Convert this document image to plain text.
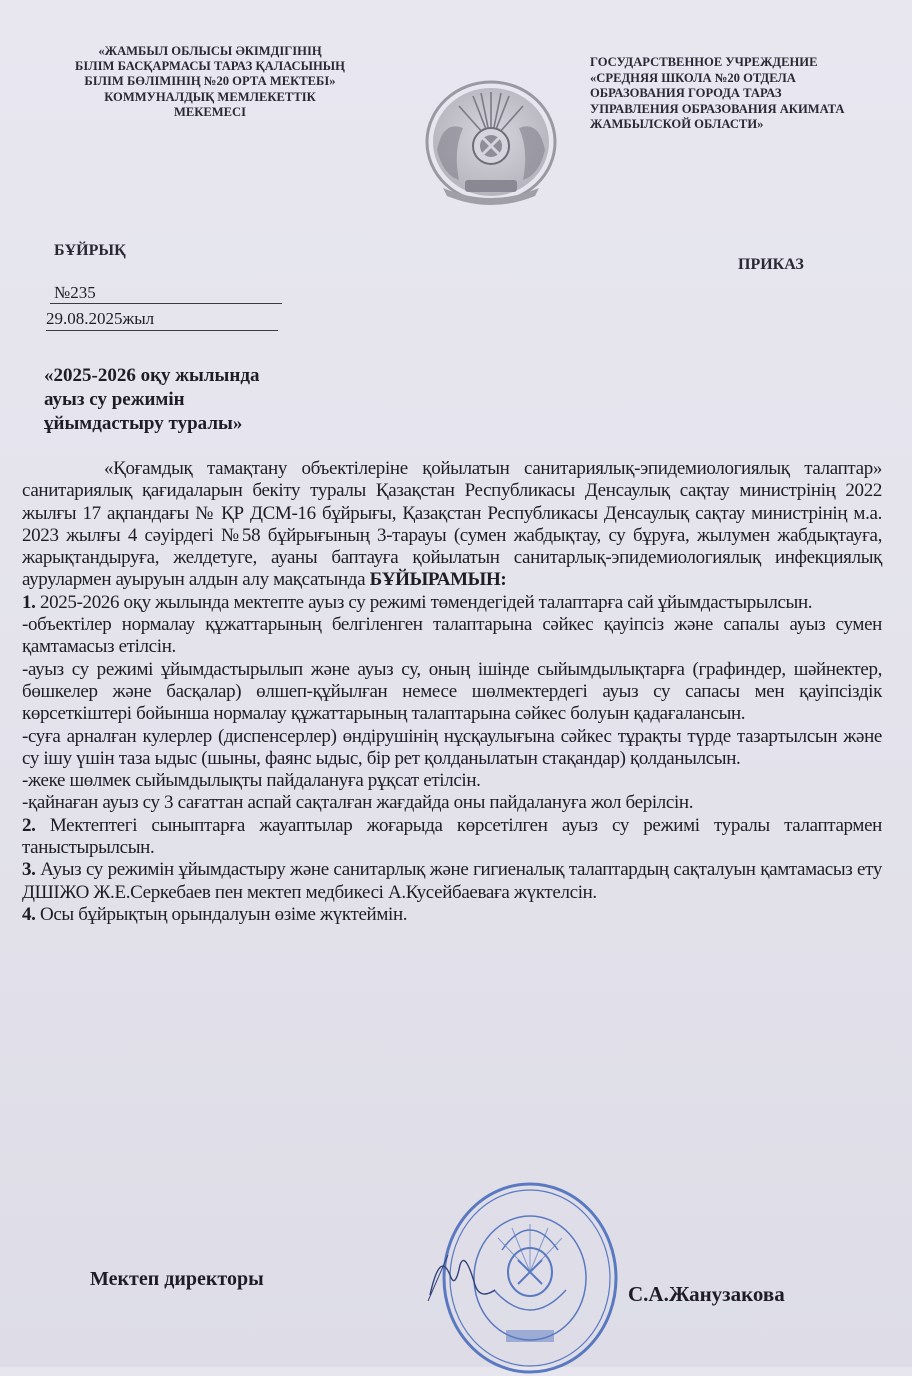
«ЖАМБЫЛ ОБЛЫСЫ ӘКІМДІГІНІҢ
БІЛІМ БАСҚАРМАСЫ ТАРАЗ ҚАЛАСЫНЫҢ
БІЛІМ БӨЛІМІНІҢ №20 ОРТА МЕКТЕБІ»
КОММУНАЛДЫҚ МЕМЛЕКЕТТІК
МЕКЕМЕСІ
ГОСУДАРСТВЕННОЕ УЧРЕЖДЕНИЕ
«СРЕДНЯЯ ШКОЛА №20 ОТДЕЛА
ОБРАЗОВАНИЯ ГОРОДА ТАРАЗ
УПРАВЛЕНИЯ ОБРАЗОВАНИЯ АКИМАТА
ЖАМБЫЛСКОЙ ОБЛАСТИ»
БҰЙРЫҚ
ПРИКАЗ
№235
29.08.2025жыл
«2025-2026 оқу жылында
ауыз су режимін
ұйымдастыру туралы»

«Қоғамдық тамақтану объектілеріне қойылатын санитариялық-эпидемиологиялық талаптар» санитариялық қағидаларын бекіту туралы Қазақстан Республикасы Денсаулық сақтау министрінің 2022 жылғы 17 ақпандағы № ҚР ДСМ-16 бұйрығы, Қазақстан Республикасы Денсаулық сақтау министрінің м.а. 2023 жылғы 4 сәуірдегі №58 бұйрығының 3-тарауы (сумен жабдықтау, су бұруға, жылумен жабдықтауға, жарықтандыруға, желдетуге, ауаны баптауға қойылатын санитарлық-эпидемиологиялық инфекциялық аурулармен ауыруын алдын алу мақсатында БҰЙЫРАМЫН:

1. 2025-2026 оқу жылында мектепте ауыз су режимі төмендегідей талаптарға сай ұйымдастырылсын.

-объектілер нормалау құжаттарының белгіленген талаптарына сәйкес қауіпсіз және сапалы ауыз сумен қамтамасыз етілсін.

-ауыз су режимі ұйымдастырылып және ауыз су, оның ішінде сыйымдылықтарға (графиндер, шәйнектер, бөшкелер және басқалар) өлшеп-құйылған немесе шөлмектердегі ауыз су сапасы мен қауіпсіздік көрсеткіштері бойынша нормалау құжаттарының талаптарына сәйкес болуын қадағалансын.

-суға арналған кулерлер (диспенсерлер) өндірушінің нұсқаулығына сәйкес тұрақты түрде тазартылсын және су ішу үшін таза ыдыс (шыны, фаянс ыдыс, бір рет қолданылатын стақандар) қолданылсын.

-жеке шөлмек сыйымдылықты пайдалануға рұқсат етілсін.

-қайнаған ауыз су 3 сағаттан аспай сақталған жағдайда оны пайдалануға жол берілсін.

2. Мектептегі сыныптарға жауаптылар жоғарыда көрсетілген ауыз су режимі туралы талаптармен таныстырылсын.

3. Ауыз су режимін ұйымдастыру және санитарлық және гигиеналық талаптардың сақталуын қамтамасыз ету ДШІЖО Ж.Е.Серкебаев пен мектеп медбикесі А.Кусейбаеваға жүктелсін.

4. Осы бұйрықтың орындалуын өзіме жүктеймін.

Мектеп директоры
С.А.Жанузакова
